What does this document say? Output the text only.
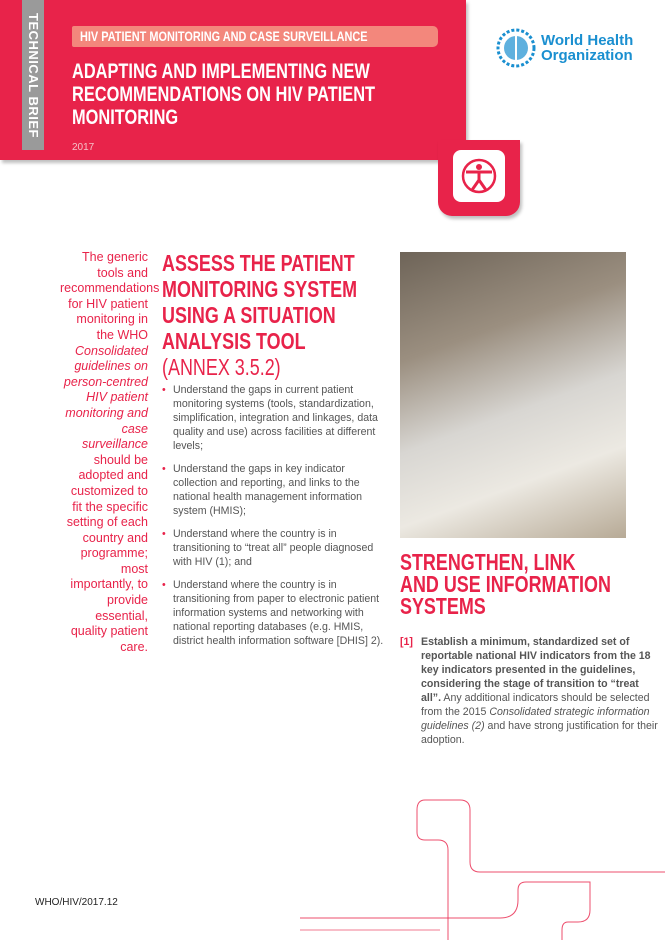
TECHNICAL BRIEF	HIV PATIENT MONITORING AND CASE SURVEILLANCE
ADAPTING AND IMPLEMENTING NEW
RECOMMENDATIONS ON HIV PATIENT
MONITORING
2017
World Health
Organization
The generic tools and recommendations for HIV patient monitoring in the WHO Consolidated guidelines on person-centred HIV patient monitoring and case surveillance should be adopted and customized to fit the specific setting of each country and programme; most importantly, to provide essential, quality patient care.
ASSESS THE PATIENT
MONITORING SYSTEM
USING A SITUATION
ANALYSIS TOOL
(ANNEX 3.5.2)
• Understand the gaps in current patient monitoring systems (tools, standardization, simplification, integration and linkages, data quality and use) across facilities at different levels;
• Understand the gaps in key indicator collection and reporting, and links to the national health management information system (HMIS);
• Understand where the country is in transitioning to “treat all” people diagnosed with HIV (1); and
• Understand where the country is in transitioning from paper to electronic patient information systems and networking with national reporting databases (e.g. HMIS, district health information software [DHIS] 2).
STRENGTHEN, LINK
AND USE INFORMATION
SYSTEMS
[1] Establish a minimum, standardized set of reportable national HIV indicators from the 18 key indicators presented in the guidelines, considering the stage of transition to “treat all”. Any additional indicators should be selected from the 2015 Consolidated strategic information guidelines (2) and have strong justification for their adoption.
WHO/HIV/2017.12
